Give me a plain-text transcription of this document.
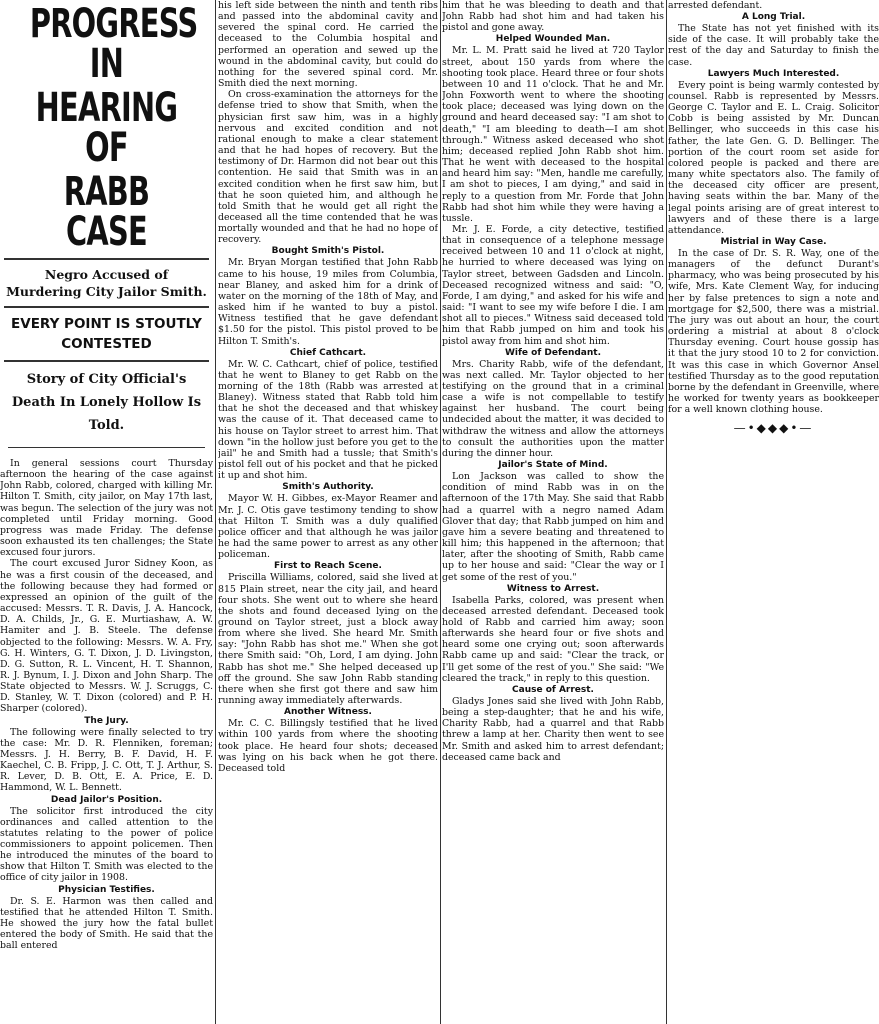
PROGRESS IN
HEARING OF
RABB CASE
Negro Accused of Murdering City Jailor Smith.
EVERY POINT IS STOUTLY CONTESTED
Story of City Official's Death In Lonely Hollow Is Told.

In general sessions court Thursday afternoon the hearing of the case against John Rabb, colored, charged with killing Mr. Hilton T. Smith, city jailor, on May 17th last, was begun. The selection of the jury was not completed until Friday morning. Good progress was made Friday. The defense soon exhausted its ten challenges; the State excused four jurors.

The court excused Juror Sidney Koon, as he was a first cousin of the deceased, and the following because they had formed or expressed an opinion of the guilt of the accused: Messrs. T. R. Davis, J. A. Hancock, D. A. Childs, Jr., G. E. Murtiashaw, A. W. Hamiter and J. B. Steele. The defense objected to the following: Messrs. W. A. Fry, G. H. Winters, G. T. Dixon, J. D. Livingston, D. G. Sutton, R. L. Vincent, H. T. Shannon, R. J. Bynum, I. J. Dixon and John Sharp. The State objected to Messrs. W. J. Scruggs, C. D. Stanley, W. T. Dixon (colored) and P. H. Sharper (colored).

The Jury.

The following were finally selected to try the case: Mr. D. R. Flenniken, foreman; Messrs. J. H. Berry, B. F. David, H. F. Kaechel, C. B. Fripp, J. C. Ott, T. J. Arthur, S. R. Lever, D. B. Ott, E. A. Price, E. D. Hammond, W. L. Bennett.

Dead Jailor's Position.

The solicitor first introduced the city ordinances and called attention to the statutes relating to the power of police commissioners to appoint policemen. Then he introduced the minutes of the board to show that Hilton T. Smith was elected to the office of city jailor in 1908.

Physician Testifies.

Dr. S. E. Harmon was then called and testified that he attended Hilton T. Smith. He showed the jury how the fatal bullet entered the body of Smith. He said that the ball entered

his left side between the ninth and tenth ribs and passed into the abdominal cavity and severed the spinal cord. He carried the deceased to the Columbia hospital and performed an operation and sewed up the wound in the abdominal cavity, but could do nothing for the severed spinal cord. Mr. Smith died the next morning.

On cross-examination the attorneys for the defense tried to show that Smith, when the physician first saw him, was in a highly nervous and excited condition and not rational enough to make a clear statement and that he had hopes of recovery. But the testimony of Dr. Harmon did not bear out this contention. He said that Smith was in an excited condition when he first saw him, but that he soon quieted him, and although he told Smith that he would get all right the deceased all the time contended that he was mortally wounded and that he had no hope of recovery.

Bought Smith's Pistol.

Mr. Bryan Morgan testified that John Rabb came to his house, 19 miles from Columbia, near Blaney, and asked him for a drink of water on the morning of the 18th of May, and asked him if he wanted to buy a pistol. Witness testified that he gave defendant $1.50 for the pistol. This pistol proved to be Hilton T. Smith's.

Chief Cathcart.

Mr. W. C. Cathcart, chief of police, testified that he went to Blaney to get Rabb on the morning of the 18th (Rabb was arrested at Blaney). Witness stated that Rabb told him that he shot the deceased and that whiskey was the cause of it. That deceased came to his house on Taylor street to arrest him. That down "in the hollow just before you get to the jail" he and Smith had a tussle; that Smith's pistol fell out of his pocket and that he picked it up and shot him.

Smith's Authority.

Mayor W. H. Gibbes, ex-Mayor Reamer and Mr. J. C. Otis gave testimony tending to show that Hilton T. Smith was a duly qualified police officer and that although he was jailor he had the same power to arrest as any other policeman.

First to Reach Scene.

Priscilla Williams, colored, said she lived at 815 Plain street, near the city jail, and heard four shots. She went out to where she heard the shots and found deceased lying on the ground on Taylor street, just a block away from where she lived. She heard Mr. Smith say: "John Rabb has shot me." When she got there Smith said: "Oh, Lord, I am dying. John Rabb has shot me." She helped deceased up off the ground. She saw John Rabb standing there when she first got there and saw him running away immediately afterwards.

Another Witness.

Mr. C. C. Billingsly testified that he lived within 100 yards from where the shooting took place. He heard four shots; deceased was lying on his back when he got there. Deceased told

him that he was bleeding to death and that John Rabb had shot him and had taken his pistol and gone away.

Helped Wounded Man.

Mr. L. M. Pratt said he lived at 720 Taylor street, about 150 yards from where the shooting took place. Heard three or four shots between 10 and 11 o'clock. That he and Mr. John Foxworth went to where the shooting took place; deceased was lying down on the ground and heard deceased say: "I am shot to death," "I am bleeding to death—I am shot through." Witness asked deceased who shot him; deceased replied John Rabb shot him. That he went with deceased to the hospital and heard him say: "Men, handle me carefully, I am shot to pieces, I am dying," and said in reply to a question from Mr. Forde that John Rabb had shot him while they were having a tussle.

Mr. J. E. Forde, a city detective, testified that in consequence of a telephone message received between 10 and 11 o'clock at night, he hurried to where deceased was lying on Taylor street, between Gadsden and Lincoln. Deceased recognized witness and said: "O, Forde, I am dying," and asked for his wife and said: "I want to see my wife before I die. I am shot all to pieces." Witness said deceased told him that Rabb jumped on him and took his pistol away from him and shot him.

Wife of Defendant.

Mrs. Charity Rabb, wife of the defendant, was next called. Mr. Taylor objected to her testifying on the ground that in a criminal case a wife is not compellable to testify against her husband. The court being undecided about the matter, it was decided to withdraw the witness and allow the attorneys to consult the authorities upon the matter during the dinner hour.

Jailor's State of Mind.

Lon Jackson was called to show the condition of mind Rabb was in on the afternoon of the 17th May. She said that Rabb had a quarrel with a negro named Adam Glover that day; that Rabb jumped on him and gave him a severe beating and threatened to kill him; this happened in the afternoon; that later, after the shooting of Smith, Rabb came up to her house and said: "Clear the way or I get some of the rest of you."

Witness to Arrest.

Isabella Parks, colored, was present when deceased arrested defendant. Deceased took hold of Rabb and carried him away; soon afterwards she heard four or five shots and heard some one crying out; soon afterwards Rabb came up and said: "Clear the track, or I'll get some of the rest of you." She said: "We cleared the track," in reply to this question.

Cause of Arrest.

Gladys Jones said she lived with John Rabb, being a step-daughter; that he and his wife, Charity Rabb, had a quarrel and that Rabb threw a lamp at her. Charity then went to see Mr. Smith and asked him to arrest defendant; deceased came back and

arrested defendant.

A Long Trial.

The State has not yet finished with its side of the case. It will probably take the rest of the day and Saturday to finish the case.

Lawyers Much Interested.

Every point is being warmly contested by counsel. Rabb is represented by Messrs. George C. Taylor and E. L. Craig. Solicitor Cobb is being assisted by Mr. Duncan Bellinger, who succeeds in this case his father, the late Gen. G. D. Bellinger. The portion of the court room set aside for colored people is packed and there are many white spectators also. The family of the deceased city officer are present, having seats within the bar. Many of the legal points arising are of great interest to lawyers and of these there is a large attendance.

Mistrial in Way Case.

In the case of Dr. S. R. Way, one of the managers of the defunct Durant's pharmacy, who was being prosecuted by his wife, Mrs. Kate Clement Way, for inducing her by false pretences to sign a note and mortgage for $2,500, there was a mistrial. The jury was out about an hour, the court ordering a mistrial at about 8 o'clock Thursday evening. Court house gossip has it that the jury stood 10 to 2 for conviction. It was this case in which Governor Ansel testified Thursday as to the good reputation borne by the defendant in Greenville, where he worked for twenty years as bookkeeper for a well known clothing house.

—•◆◆◆•—
